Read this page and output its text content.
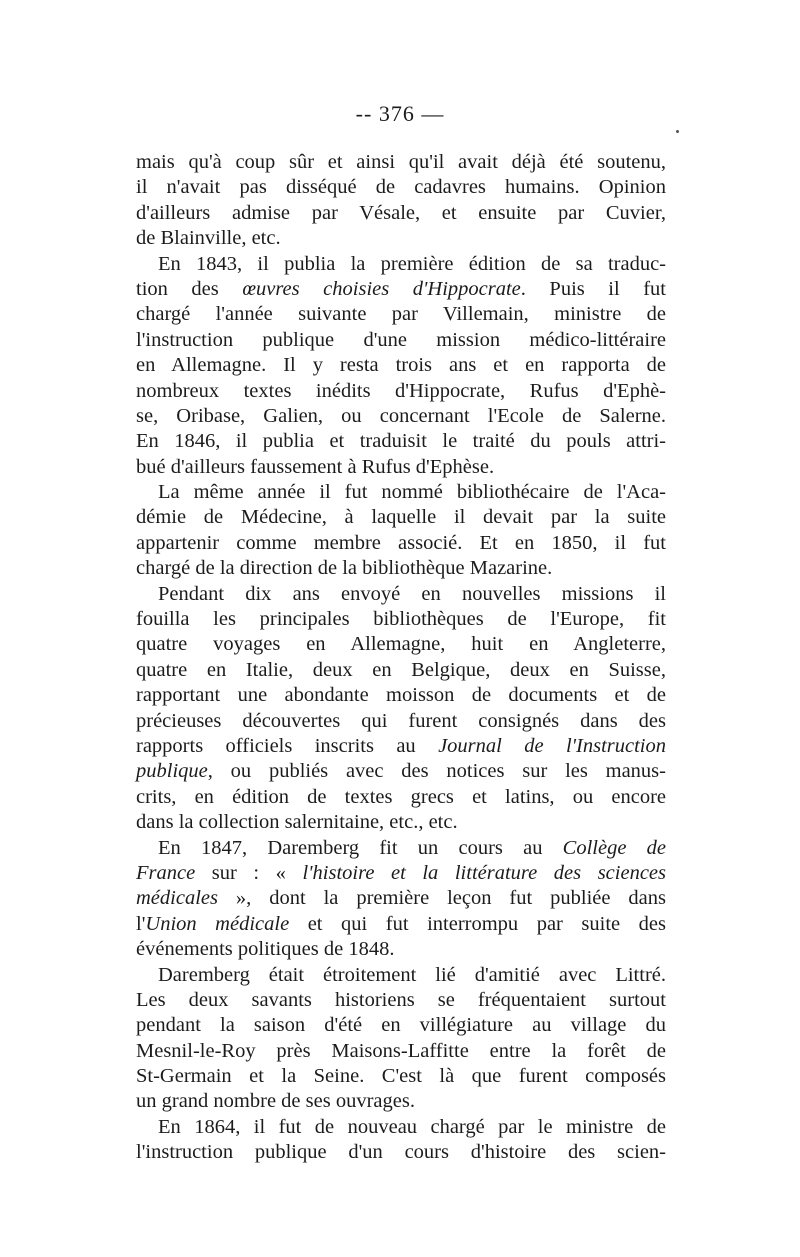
-- 376 —
mais qu'à coup sûr et ainsi qu'il avait déjà été soutenu,
il n'avait pas disséqué de cadavres humains. Opinion
d'ailleurs admise par Vésale, et ensuite par Cuvier,
de Blainville, etc.
En 1843, il publia la première édition de sa traduc-
tion des œuvres choisies d'Hippocrate. Puis il fut
chargé l'année suivante par Villemain, ministre de
l'instruction publique d'une mission médico-littéraire
en Allemagne. Il y resta trois ans et en rapporta de
nombreux textes inédits d'Hippocrate, Rufus d'Ephè-
se, Oribase, Galien, ou concernant l'Ecole de Salerne.
En 1846, il publia et traduisit le traité du pouls attri-
bué d'ailleurs faussement à Rufus d'Ephèse.
La même année il fut nommé bibliothécaire de l'Aca-
démie de Médecine, à laquelle il devait par la suite
appartenir comme membre associé. Et en 1850, il fut
chargé de la direction de la bibliothèque Mazarine.
Pendant dix ans envoyé en nouvelles missions il
fouilla les principales bibliothèques de l'Europe, fit
quatre voyages en Allemagne, huit en Angleterre,
quatre en Italie, deux en Belgique, deux en Suisse,
rapportant une abondante moisson de documents et de
précieuses découvertes qui furent consignés dans des
rapports officiels inscrits au Journal de l'Instruction
publique, ou publiés avec des notices sur les manus-
crits, en édition de textes grecs et latins, ou encore
dans la collection salernitaine, etc., etc.
En 1847, Daremberg fit un cours au Collège de
France sur : « l'histoire et la littérature des sciences
médicales », dont la première leçon fut publiée dans
l'Union médicale et qui fut interrompu par suite des
événements politiques de 1848.
Daremberg était étroitement lié d'amitié avec Littré.
Les deux savants historiens se fréquentaient surtout
pendant la saison d'été en villégiature au village du
Mesnil-le-Roy près Maisons-Laffitte entre la forêt de
St-Germain et la Seine. C'est là que furent composés
un grand nombre de ses ouvrages.
En 1864, il fut de nouveau chargé par le ministre de
l'instruction publique d'un cours d'histoire des scien-
